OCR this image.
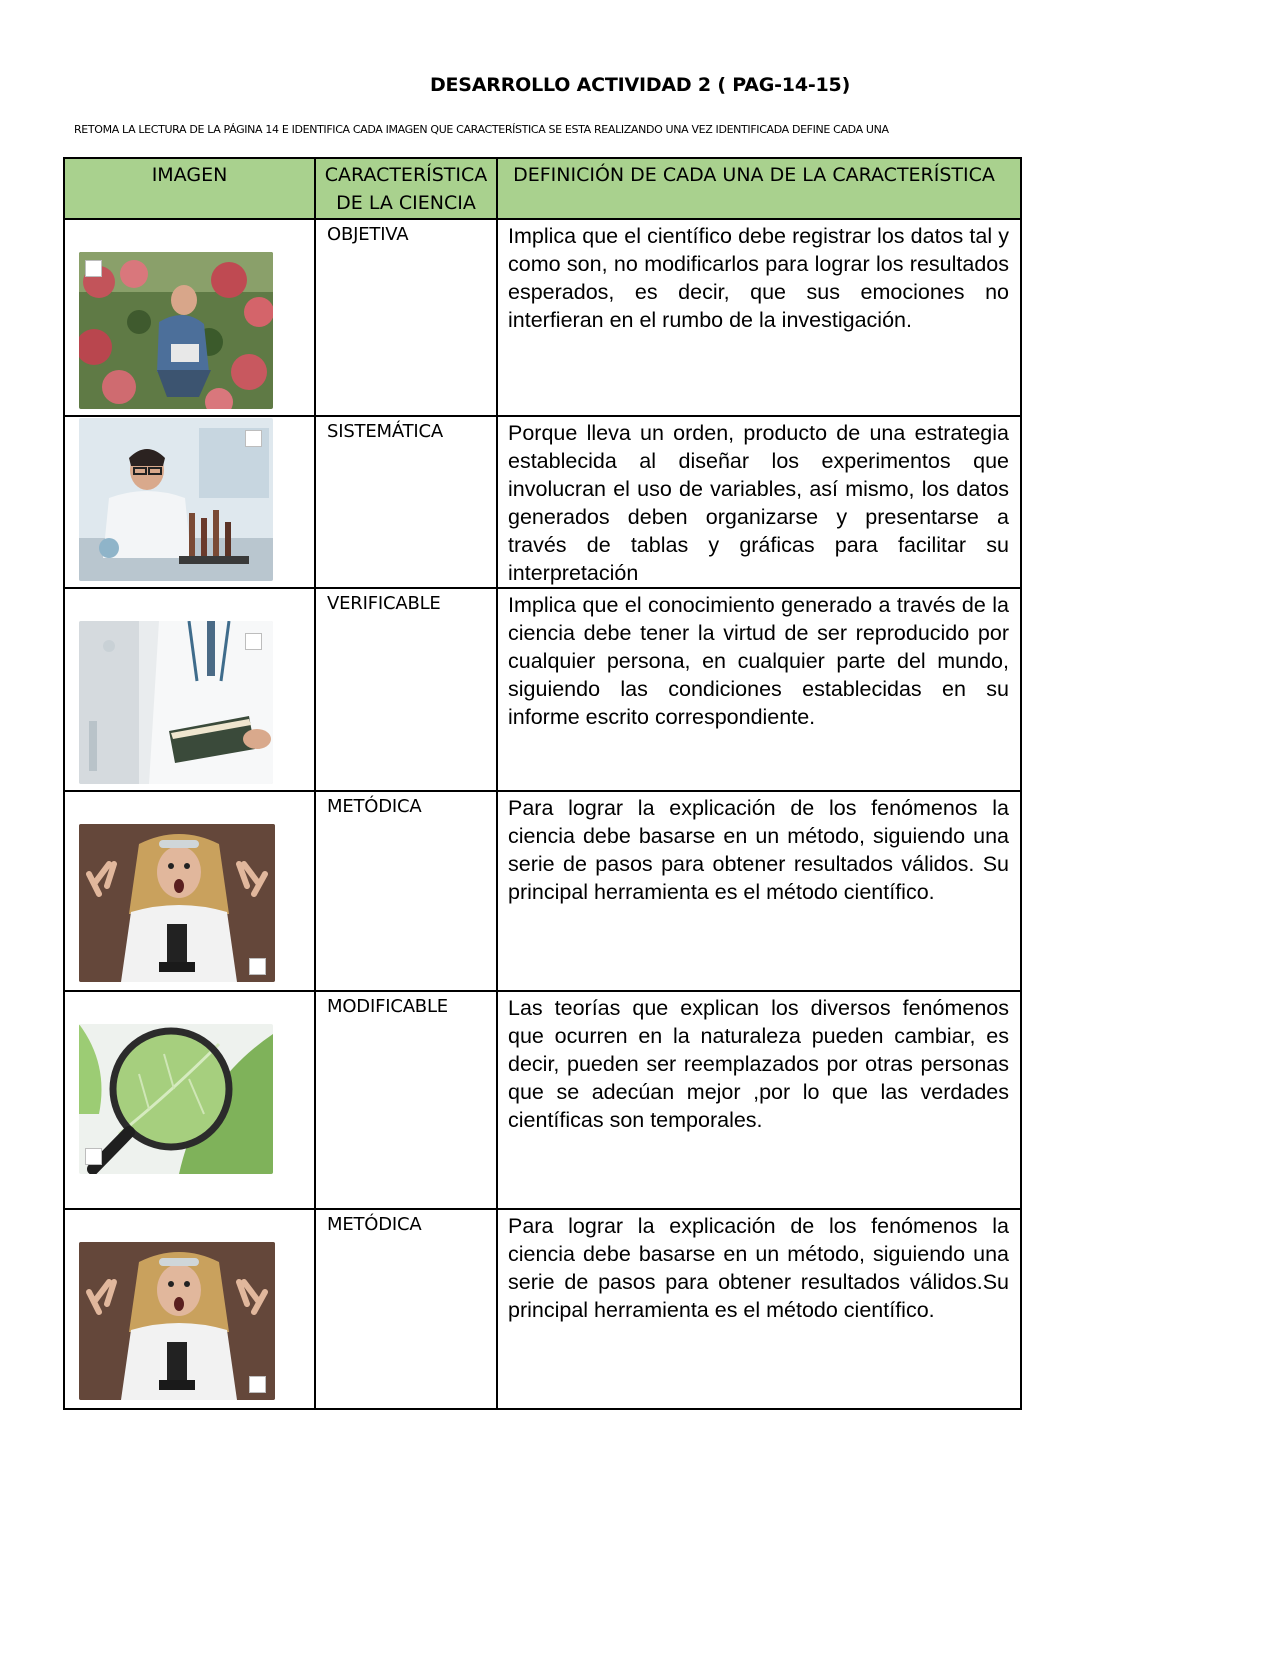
DESARROLLO ACTIVIDAD 2 ( PAG-14-15)
RETOMA LA LECTURA DE LA PÁGINA 14 E IDENTIFICA CADA IMAGEN QUE CARACTERÍSTICA SE ESTA REALIZANDO UNA VEZ IDENTIFICADA DEFINE CADA UNA
IMAGEN	CARACTERÍSTICA DE LA CIENCIA	DEFINICIÓN DE CADA UNA DE LA CARACTERÍSTICA

	OBJETIVA	Implica que el científico debe registrar los datos tal y como son, no modificarlos para lograr los resultados esperados, es decir, que sus emociones no interfieran en el rumbo de la investigación.

	SISTEMÁTICA	Porque lleva un orden, producto de una estrategia establecida al diseñar los experimentos que involucran el uso de variables, así mismo, los datos generados deben organizarse y presentarse a través de tablas y gráficas para facilitar su interpretación

	VERIFICABLE	Implica que el conocimiento generado a través de la ciencia debe tener la virtud de ser reproducido por cualquier persona, en cualquier parte del mundo, siguiendo las condiciones establecidas en su informe escrito correspondiente.

	METÓDICA	Para lograr la explicación de los fenómenos la ciencia debe basarse en un método, siguiendo una serie de pasos para obtener resultados válidos. Su principal herramienta es el método científico.

	MODIFICABLE	Las teorías que explican los diversos fenómenos que ocurren en la naturaleza pueden cambiar, es decir, pueden ser reemplazados por otras personas que se adecúan mejor ,por lo que las verdades científicas son temporales.

	METÓDICA	Para lograr la explicación de los fenómenos la ciencia debe basarse en un método, siguiendo una serie de pasos para obtener resultados válidos.Su principal herramienta es el método científico.
